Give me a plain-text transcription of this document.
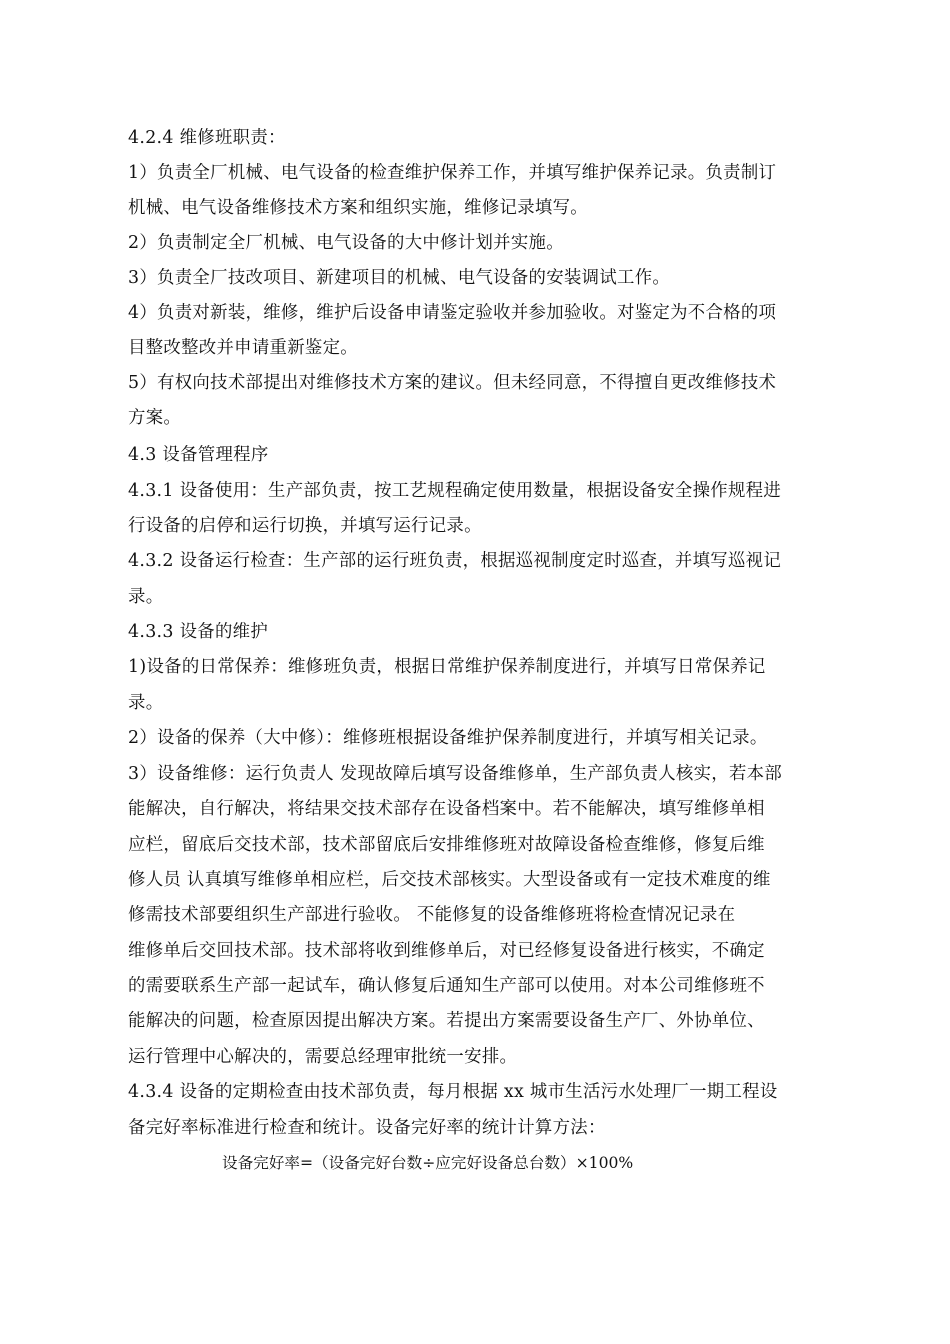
4.2.4 维修班职责：
1）负责全厂机械、电气设备的检查维护保养工作，并填写维护保养记录。负责制订
机械、电气设备维修技术方案和组织实施，维修记录填写。
2）负责制定全厂机械、电气设备的大中修计划并实施。
3）负责全厂技改项目、新建项目的机械、电气设备的安装调试工作。
4）负责对新装，维修，维护后设备申请鉴定验收并参加验收。对鉴定为不合格的项
目整改整改并申请重新鉴定。
5）有权向技术部提出对维修技术方案的建议。但未经同意，不得擅自更改维修技术
方案。
4.3 设备管理程序
4.3.1 设备使用：生产部负责，按工艺规程确定使用数量，根据设备安全操作规程进
行设备的启停和运行切换，并填写运行记录。
4.3.2 设备运行检查：生产部的运行班负责，根据巡视制度定时巡查，并填写巡视记
录。
4.3.3 设备的维护
1)设备的日常保养：维修班负责，根据日常维护保养制度进行，并填写日常保养记
录。
2）设备的保养（大中修）：维修班根据设备维护保养制度进行，并填写相关记录。
3）设备维修：运行负责人 发现故障后填写设备维修单，生产部负责人核实，若本部
能解决，自行解决，将结果交技术部存在设备档案中。若不能解决，填写维修单相
应栏，留底后交技术部，技术部留底后安排维修班对故障设备检查维修，修复后维
修人员 认真填写维修单相应栏，后交技术部核实。大型设备或有一定技术难度的维
修需技术部要组织生产部进行验收。 不能修复的设备维修班将检查情况记录在
维修单后交回技术部。技术部将收到维修单后，对已经修复设备进行核实，不确定
的需要联系生产部一起试车，确认修复后通知生产部可以使用。对本公司维修班不
能解决的问题，检查原因提出解决方案。若提出方案需要设备生产厂、外协单位、
运行管理中心解决的，需要总经理审批统一安排。
4.3.4 设备的定期检查由技术部负责，每月根据 xx 城市生活污水处理厂一期工程设
备完好率标准进行检查和统计。设备完好率的统计计算方法：
设备完好率=（设备完好台数÷应完好设备总台数）×100%
